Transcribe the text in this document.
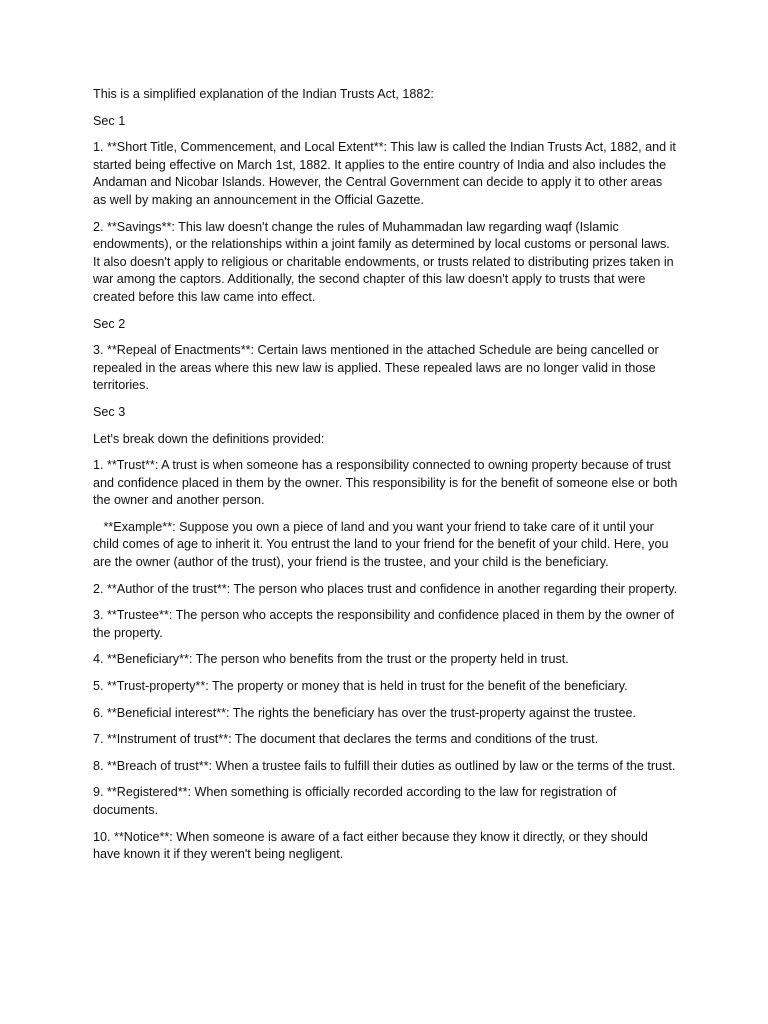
This is a simplified explanation of the Indian Trusts Act, 1882:

Sec 1

1. **Short Title, Commencement, and Local Extent**: This law is called the Indian Trusts Act, 1882, and it started being effective on March 1st, 1882. It applies to the entire country of India and also includes the Andaman and Nicobar Islands. However, the Central Government can decide to apply it to other areas as well by making an announcement in the Official Gazette.

2. **Savings**: This law doesn't change the rules of Muhammadan law regarding waqf (Islamic endowments), or the relationships within a joint family as determined by local customs or personal laws. It also doesn't apply to religious or charitable endowments, or trusts related to distributing prizes taken in war among the captors. Additionally, the second chapter of this law doesn't apply to trusts that were created before this law came into effect.

Sec 2

3. **Repeal of Enactments**: Certain laws mentioned in the attached Schedule are being cancelled or repealed in the areas where this new law is applied. These repealed laws are no longer valid in those territories.

Sec 3

Let's break down the definitions provided:

1. **Trust**: A trust is when someone has a responsibility connected to owning property because of trust and confidence placed in them by the owner. This responsibility is for the benefit of someone else or both the owner and another person.

**Example**: Suppose you own a piece of land and you want your friend to take care of it until your child comes of age to inherit it. You entrust the land to your friend for the benefit of your child. Here, you are the owner (author of the trust), your friend is the trustee, and your child is the beneficiary.

2. **Author of the trust**: The person who places trust and confidence in another regarding their property.

3. **Trustee**: The person who accepts the responsibility and confidence placed in them by the owner of the property.

4. **Beneficiary**: The person who benefits from the trust or the property held in trust.

5. **Trust-property**: The property or money that is held in trust for the benefit of the beneficiary.

6. **Beneficial interest**: The rights the beneficiary has over the trust-property against the trustee.

7. **Instrument of trust**: The document that declares the terms and conditions of the trust.

8. **Breach of trust**: When a trustee fails to fulfill their duties as outlined by law or the terms of the trust.

9. **Registered**: When something is officially recorded according to the law for registration of documents.

10. **Notice**: When someone is aware of a fact either because they know it directly, or they should have known it if they weren't being negligent.
